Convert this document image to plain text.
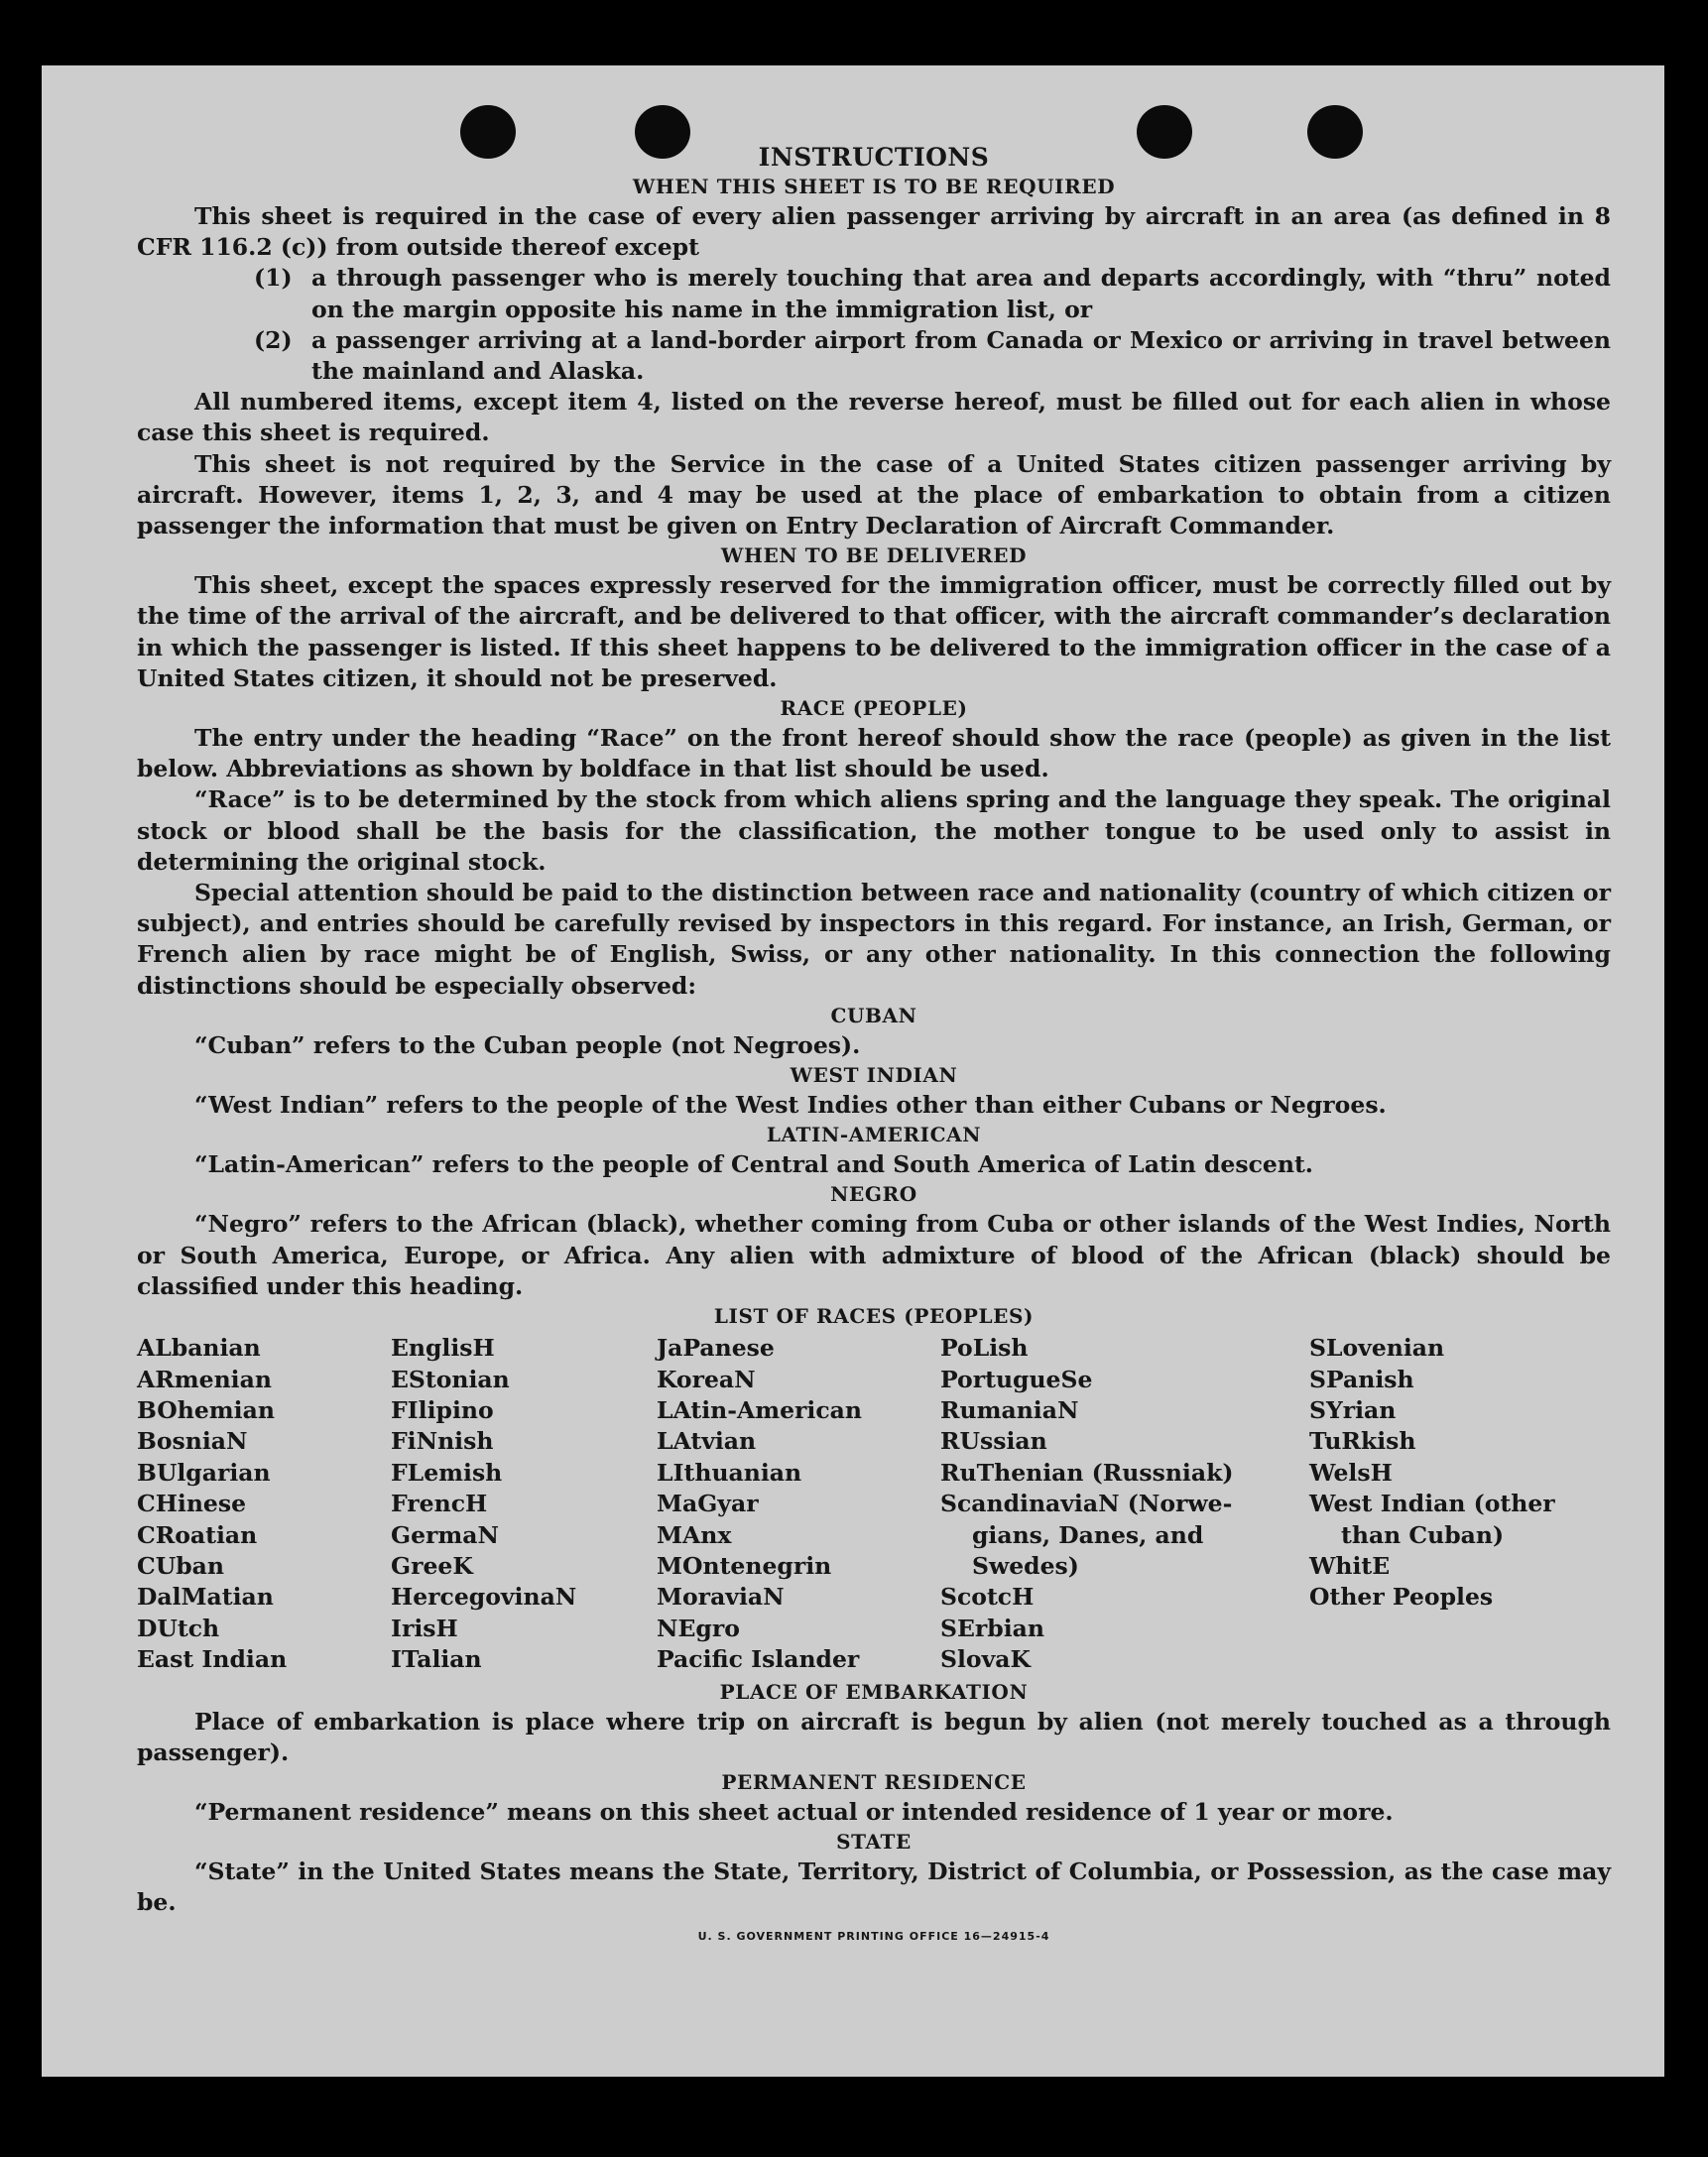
INSTRUCTIONS
WHEN THIS SHEET IS TO BE REQUIRED

This sheet is required in the case of every alien passenger arriving by aircraft in an area (as defined in 8 CFR 116.2 (c)) from outside thereof except

(1) a through passenger who is merely touching that area and departs accordingly, with “thru” noted on the margin opposite his name in the immigration list, or

(2) a passenger arriving at a land-border airport from Canada or Mexico or arriving in travel between the mainland and Alaska.

All numbered items, except item 4, listed on the reverse hereof, must be filled out for each alien in whose case this sheet is required.

This sheet is not required by the Service in the case of a United States citizen passenger arriving by aircraft. However, items 1, 2, 3, and 4 may be used at the place of embarkation to obtain from a citizen passenger the information that must be given on Entry Declaration of Aircraft Commander.

WHEN TO BE DELIVERED

This sheet, except the spaces expressly reserved for the immigration officer, must be correctly filled out by the time of the arrival of the aircraft, and be delivered to that officer, with the aircraft commander’s declaration in which the passenger is listed. If this sheet happens to be delivered to the immigration officer in the case of a United States citizen, it should not be preserved.

RACE (PEOPLE)

The entry under the heading “Race” on the front hereof should show the race (people) as given in the list below. Abbreviations as shown by boldface in that list should be used.

“Race” is to be determined by the stock from which aliens spring and the language they speak. The original stock or blood shall be the basis for the classification, the mother tongue to be used only to assist in determining the original stock.

Special attention should be paid to the distinction between race and nationality (country of which citizen or subject), and entries should be carefully revised by inspectors in this regard. For instance, an Irish, German, or French alien by race might be of English, Swiss, or any other nationality. In this connection the following distinctions should be especially observed:

CUBAN

“Cuban” refers to the Cuban people (not Negroes).

WEST INDIAN

“West Indian” refers to the people of the West Indies other than either Cubans or Negroes.

LATIN-AMERICAN

“Latin-American” refers to the people of Central and South America of Latin descent.

NEGRO

“Negro” refers to the African (black), whether coming from Cuba or other islands of the West Indies, North or South America, Europe, or Africa. Any alien with admixture of blood of the African (black) should be classified under this heading.

LIST OF RACES (PEOPLES)
ALbanian
ARmenian
BOhemian
BosniaN
BUlgarian
CHinese
CRoatian
CUban
DalMatian
DUtch
East Indian
EnglisH
EStonian
FIlipino
FiNnish
FLemish
FrencH
GermaN
GreeK
HercegovinaN
IrisH
ITalian
JaPanese
KoreaN
LAtin-American
LAtvian
LIthuanian
MaGyar
MAnx
MOntenegrin
MoraviaN
NEgro
Pacific Islander
PoLish
PortugueSe
RumaniaN
RUssian
RuThenian (Russniak)
ScandinaviaN (Norwe-
gians, Danes, and
Swedes)
ScotcH
SErbian
SlovaK
SLovenian
SPanish
SYrian
TuRkish
WelsH
West Indian (other
than Cuban)
WhitE
Other Peoples
PLACE OF EMBARKATION

Place of embarkation is place where trip on aircraft is begun by alien (not merely touched as a through passenger).

PERMANENT RESIDENCE

“Permanent residence” means on this sheet actual or intended residence of 1 year or more.

STATE

“State” in the United States means the State, Territory, District of Columbia, or Possession, as the case may be.

U. S. GOVERNMENT PRINTING OFFICE 16—24915-4
